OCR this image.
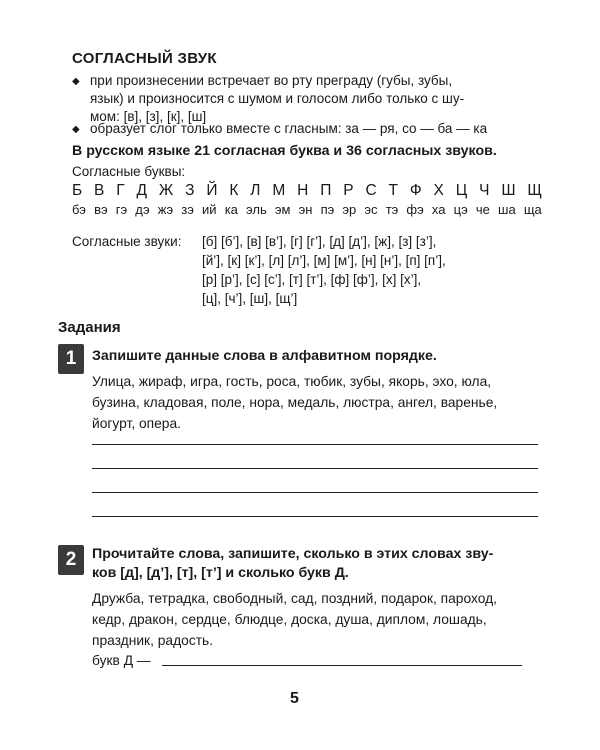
СОГЛАСНЫЙ ЗВУК
◆ при произнесении встречает во рту преграду (губы, зубы,
язык) и произносится с шумом и голосом либо только с шу-
мом: [в], [з], [к], [ш]
◆ образует слог только вместе с гласным: за — ря, со — ба — ка
В русском языке 21 согласная буква и 36 согласных звуков.
Согласные буквы:
Б В Г Д Ж З Й К Л М Н П Р С Т Ф Х Ц Ч Ш Щ
бэ вэ гэ дэ жэ зэ ий ка эль эм эн пэ эр эс тэ фэ ха цэ че ша ща
Согласные звуки: [б] [б’], [в] [в’], [г] [г’], [д] [д’], [ж], [з] [з’],
[й’], [к] [к’], [л] [л’], [м] [м’], [н] [н’], [п] [п’],
[р] [р’], [с] [с’], [т] [т’], [ф] [ф’], [х] [х’],
[ц], [ч’], [ш], [щ’]
Задания
1	Запишите данные слова в алфавитном порядке.
Улица, жираф, игра, гость, роса, тюбик, зубы, якорь, эхо, юла,
бузина, кладовая, поле, нора, медаль, люстра, ангел, варенье,
йогурт, опера.
2	Прочитайте слова, запишите, сколько в этих словах зву-
ков [д], [д’], [т], [т’] и сколько букв Д.
Дружба, тетрадка, свободный, сад, поздний, подарок, пароход,
кедр, дракон, сердце, блюдце, доска, душа, диплом, лошадь,
праздник, радость.
букв Д —
5
